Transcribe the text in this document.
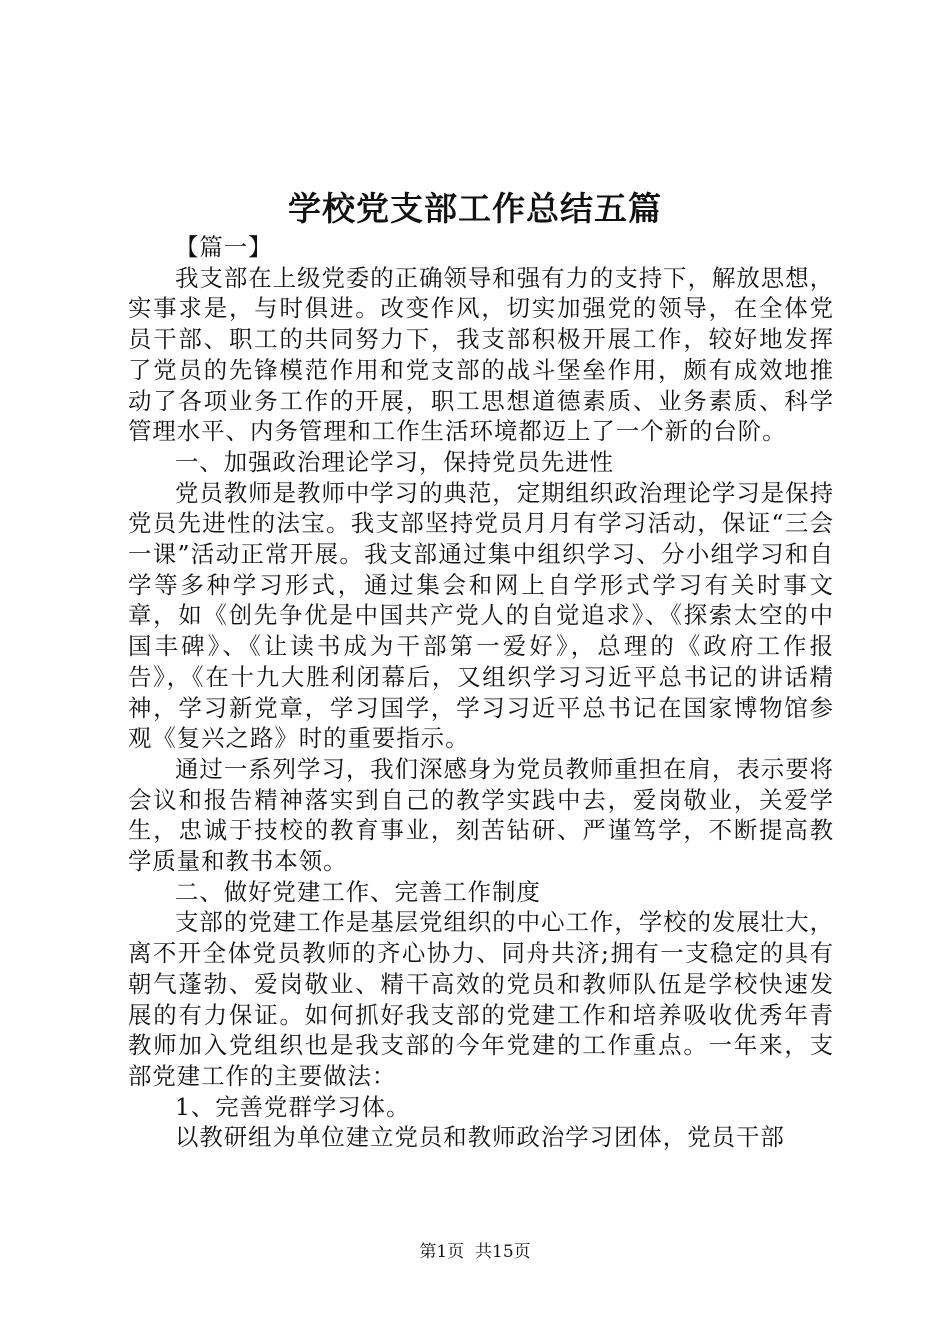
学校党支部工作总结五篇

【篇一】

我支部在上级党委的正确领导和强有力的支持下，解放思想，实事求是，与时俱进。改变作风，切实加强党的领导，在全体党员干部、职工的共同努力下，我支部积极开展工作，较好地发挥了党员的先锋模范作用和党支部的战斗堡垒作用，颇有成效地推动了各项业务工作的开展，职工思想道德素质、业务素质、科学管理水平、内务管理和工作生活环境都迈上了一个新的台阶。

一、加强政治理论学习，保持党员先进性

党员教师是教师中学习的典范，定期组织政治理论学习是保持党员先进性的法宝。我支部坚持党员月月有学习活动，保证“三会一课”活动正常开展。我支部通过集中组织学习、分小组学习和自学等多种学习形式，通过集会和网上自学形式学习有关时事文章，如《创先争优是中国共产党人的自觉追求》、《探索太空的中国丰碑》、《让读书成为干部第一爱好》，总理的《政府工作报告》，《在十九大胜利闭幕后，又组织学习习近平总书记的讲话精神，学习新党章，学习国学，学习习近平总书记在国家博物馆参观《复兴之路》时的重要指示。

通过一系列学习，我们深感身为党员教师重担在肩，表示要将会议和报告精神落实到自己的教学实践中去，爱岗敬业，关爱学生，忠诚于技校的教育事业，刻苦钻研、严谨笃学，不断提高教学质量和教书本领。

二、做好党建工作、完善工作制度

支部的党建工作是基层党组织的中心工作，学校的发展壮大，离不开全体党员教师的齐心协力、同舟共济;拥有一支稳定的具有朝气蓬勃、爱岗敬业、精干高效的党员和教师队伍是学校快速发展的有力保证。如何抓好我支部的党建工作和培养吸收优秀年青教师加入党组织也是我支部的今年党建的工作重点。一年来，支部党建工作的主要做法：

1、完善党群学习体。

以教研组为单位建立党员和教师政治学习团体，党员干部

第1页 共15页
